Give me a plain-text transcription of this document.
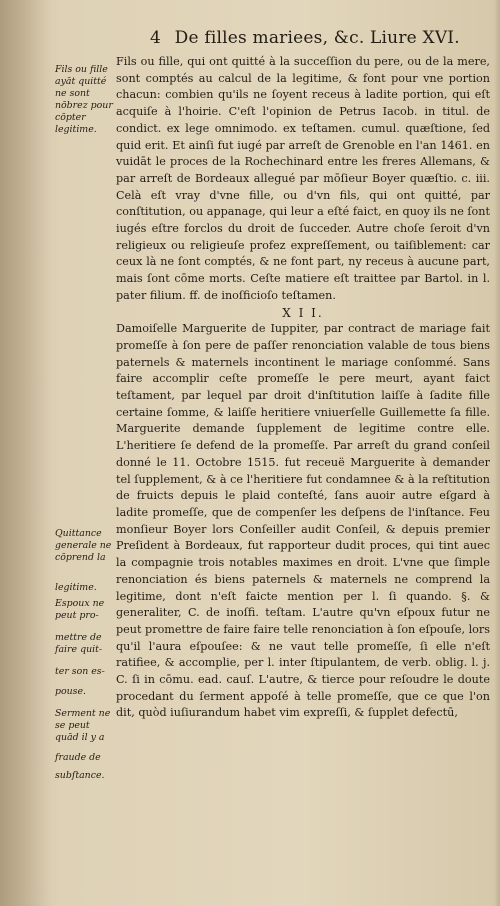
4 De filles mariees, &c. Liure XVI.
Fils ou fille ayāt quitté ne sont nōbrez pour cōpter legitime.
Quittance generale ne cōprend la
legitime.
Espoux ne peut pro-
mettre de faire quit-
ter son es-
pouse.
Serment ne se peut
quād il y a
fraude de
subſtance.

Fils ou fille, qui ont quitté à la succeſſion du pere, ou de la mere, sont comptés au calcul de la legitime, & font pour vne portion chacun: combien qu'ils ne ſoyent receus à ladite portion, qui eſt acquiſe à l'hoirie. C'eſt l'opinion de Petrus Iacob. in titul. de condict. ex lege omnimodo. ex teſtamen. cumul. quæſtione, ſed quid erit. Et ainſi fut iugé par arreſt de Grenoble en l'an 1461. en vuidāt le proces de la Rochechinard entre les freres Allemans, & par arreſt de Bordeaux allegué par mōſieur Boyer quæſtio. c. iii. Celà eſt vray d'vne fille, ou d'vn fils, qui ont quitté, par conſtitution, ou appanage, qui leur a eſté faict, en quoy ils ne ſont iugés eſtre forclos du droit de ſucceder. Autre choſe ſeroit d'vn religieux ou religieuſe profez expreſſement, ou taiſiblement: car ceux là ne ſont comptés, & ne font part, ny receus à aucune part, mais ſont cōme morts. Ceſte matiere eſt traittee par Bartol. in l. pater filium. ff. de inoſficioſo teſtamen.

X I I.

Damoiſelle Marguerite de Iuppiter, par contract de mariage fait promeſſe à ſon pere de paſſer renonciation valable de tous biens paternels & maternels incontinent le mariage conſommé. Sans faire accomplir ceſte promeſſe le pere meurt, ayant faict teſtament, par lequel par droit d'inſtitution laiſſe à ſadite fille certaine ſomme, & laiſſe heritiere vniuerſelle Guillemette ſa fille. Marguerite demande ſupplement de legitime contre elle. L'heritiere ſe defend de la promeſſe. Par arreſt du grand conſeil donné le 11. Octobre 1515. fut receuë Marguerite à demander tel ſupplement, & à ce l'heritiere fut condamnee & à la reſtitution de fruicts depuis le plaid conteſté, ſans auoir autre eſgard à ladite promeſſe, que de compenſer les deſpens de l'inſtance. Feu monſieur Boyer lors Conſeiller audit Conſeil, & depuis premier Preſident à Bordeaux, fut rapporteur dudit proces, qui tint auec la compagnie trois notables maximes en droit. L'vne que ſimple renonciation és biens paternels & maternels ne comprend la legitime, dont n'eſt faicte mention per l. ſi quando. §. & generaliter, C. de inoſfi. teſtam. L'autre qu'vn eſpoux futur ne peut promettre de faire faire telle renonciation à ſon eſpouſe, lors qu'il l'aura eſpouſee: & ne vaut telle promeſſe, ſi elle n'eſt ratifiee, & accomplie, per l. inter ſtipulantem, de verb. oblig. l. j. C. ſi in cōmu. ead. cauſ. L'autre, & tierce pour reſoudre le doute procedant du ſerment appoſé à telle promeſſe, que ce que l'on dit, quòd iuſiurandum habet vim expreſſi, & ſupplet defectū,
